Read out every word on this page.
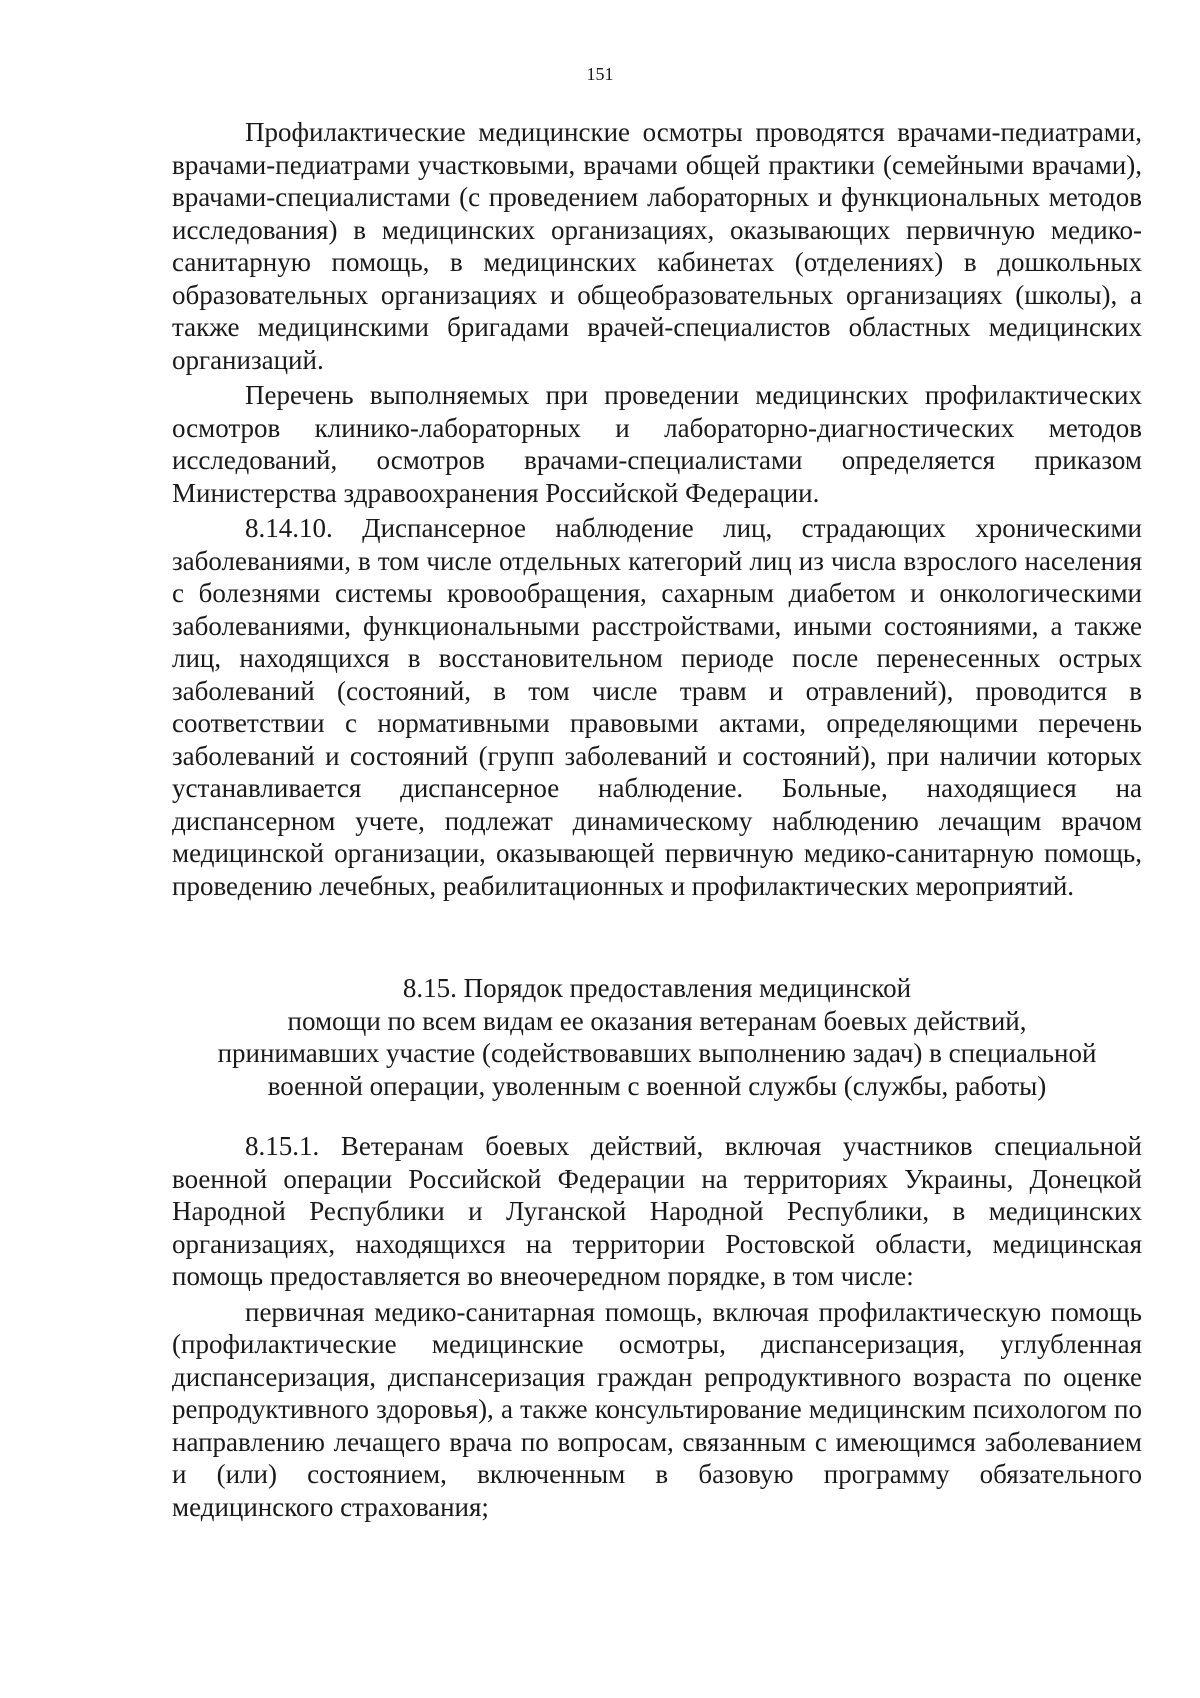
151

Профилактические медицинские осмотры проводятся врачами-педиатрами, врачами-педиатрами участковыми, врачами общей практики (семейными врачами), врачами-специалистами (с проведением лабораторных и функциональных методов исследования) в медицинских организациях, оказывающих первичную медико-санитарную помощь, в медицинских кабинетах (отделениях) в дошкольных образовательных организациях и общеобразовательных организациях (школы), а также медицинскими бригадами врачей-специалистов областных медицинских организаций.

Перечень выполняемых при проведении медицинских профилактических осмотров клинико-лабораторных и лабораторно-диагностических методов исследований, осмотров врачами-специалистами определяется приказом Министерства здравоохранения Российской Федерации.

8.14.10. Диспансерное наблюдение лиц, страдающих хроническими заболеваниями, в том числе отдельных категорий лиц из числа взрослого населения с болезнями системы кровообращения, сахарным диабетом и онкологическими заболеваниями, функциональными расстройствами, иными состояниями, а также лиц, находящихся в восстановительном периоде после перенесенных острых заболеваний (состояний, в том числе травм и отравлений), проводится в соответствии с нормативными правовыми актами, определяющими перечень заболеваний и состояний (групп заболеваний и состояний), при наличии которых устанавливается диспансерное наблюдение. Больные, находящиеся на диспансерном учете, подлежат динамическому наблюдению лечащим врачом медицинской организации, оказывающей первичную медико-санитарную помощь, проведению лечебных, реабилитационных и профилактических мероприятий.

8.15. Порядок предоставления медицинской
помощи по всем видам ее оказания ветеранам боевых действий,
принимавших участие (содействовавших выполнению задач) в специальной
военной операции, уволенным с военной службы (службы, работы)

8.15.1. Ветеранам боевых действий, включая участников специальной военной операции Российской Федерации на территориях Украины, Донецкой Народной Республики и Луганской Народной Республики, в медицинских организациях, находящихся на территории Ростовской области, медицинская помощь предоставляется во внеочередном порядке, в том числе:

первичная медико-санитарная помощь, включая профилактическую помощь (профилактические медицинские осмотры, диспансеризация, углубленная диспансеризация, диспансеризация граждан репродуктивного возраста по оценке репродуктивного здоровья), а также консультирование медицинским психологом по направлению лечащего врача по вопросам, связанным с имеющимся заболеванием и (или) состоянием, включенным в базовую программу обязательного медицинского страхования;
